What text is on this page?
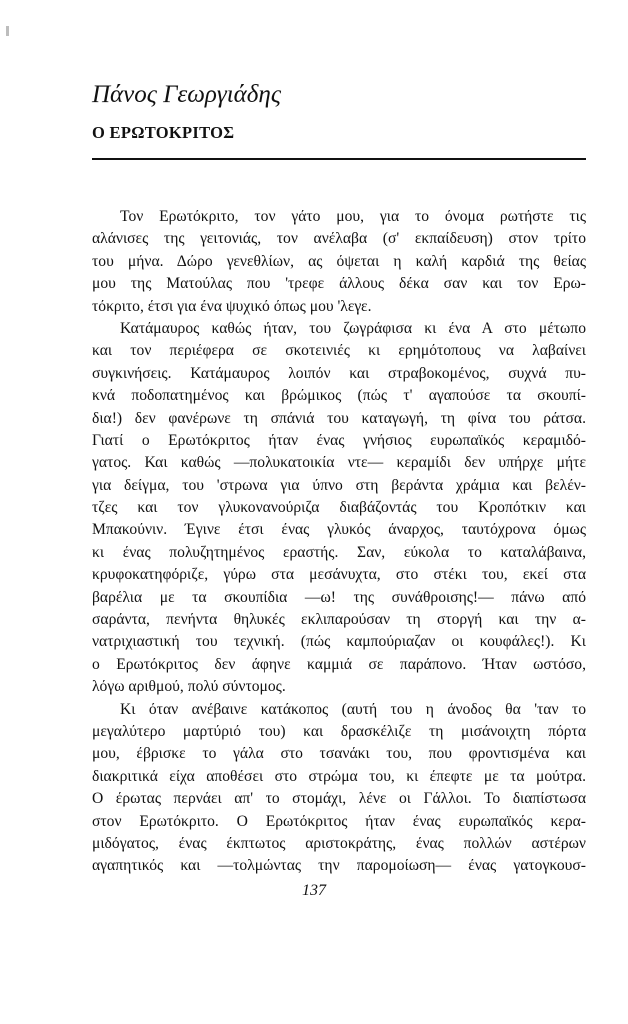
Πάνος Γεωργιάδης
Ο ΕΡΩΤΟΚΡΙΤΟΣ

Τον Ερωτόκριτο, τον γάτο μου, για το όνομα ρωτήστε τις
αλάνισες της γειτονιάς, τον ανέλαβα (σ' εκπαίδευση) στον τρίτο
του μήνα. Δώρο γενεθλίων, ας όψεται η καλή καρδιά της θείας
μου της Ματούλας που 'τρεφε άλλους δέκα σαν και τον Ερω-
τόκριτο, έτσι για ένα ψυχικό όπως μου 'λεγε.

Κατάμαυρος καθώς ήταν, του ζωγράφισα κι ένα Α στο μέτωπο
και τον περιέφερα σε σκοτεινιές κι ερημότοπους να λαβαίνει
συγκινήσεις. Κατάμαυρος λοιπόν και στραβοκομένος, συχνά πυ-
κνά ποδοπατημένος και βρώμικος (πώς τ' αγαπούσε τα σκουπί-
δια!) δεν φανέρωνε τη σπάνιά του καταγωγή, τη φίνα του ράτσα.
Γιατί ο Ερωτόκριτος ήταν ένας γνήσιος ευρωπαϊκός κεραμιδό-
γατος. Και καθώς —πολυκατοικία ντε— κεραμίδι δεν υπήρχε μήτε
για δείγμα, του 'στρωνα για ύπνο στη βεράντα χράμια και βελέν-
τζες και τον γλυκονανούριζα διαβάζοντάς του Κροπότκιν και
Μπακούνιν. Έγινε έτσι ένας γλυκός άναρχος, ταυτόχρονα όμως
κι ένας πολυζητημένος εραστής. Σαν, εύκολα το καταλάβαινα,
κρυφοκατηφόριζε, γύρω στα μεσάνυχτα, στο στέκι του, εκεί στα
βαρέλια με τα σκουπίδια —ω! της συνάθροισης!— πάνω από
σαράντα, πενήντα θηλυκές εκλιπαρούσαν τη στοργή και την α-
νατριχιαστική του τεχνική. (πώς καμπούριαζαν οι κουφάλες!). Κι
ο Ερωτόκριτος δεν άφηνε καμμιά σε παράπονο. Ήταν ωστόσο,
λόγω αριθμού, πολύ σύντομος.

Κι όταν ανέβαινε κατάκοπος (αυτή του η άνοδος θα 'ταν το
μεγαλύτερο μαρτύριό του) και δρασκέλιζε τη μισάνοιχτη πόρτα
μου, έβρισκε το γάλα στο τσανάκι του, που φροντισμένα και
διακριτικά είχα αποθέσει στο στρώμα του, κι έπεφτε με τα μούτρα.
Ο έρωτας περνάει απ' το στομάχι, λένε οι Γάλλοι. Το διαπίστωσα
στον Ερωτόκριτο. Ο Ερωτόκριτος ήταν ένας ευρωπαϊκός κερα-
μιδόγατος, ένας έκπτωτος αριστοκράτης, ένας πολλών αστέρων
αγαπητικός και —τολμώντας την παρομοίωση— ένας γατογκουσ-

137
